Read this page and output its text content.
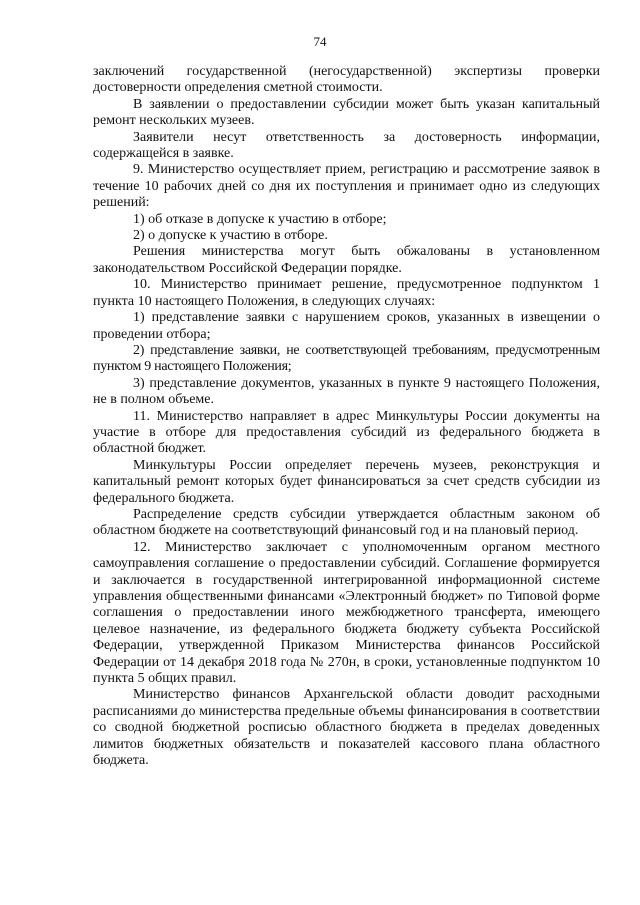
74

заключений государственной (негосударственной) экспертизы проверки достоверности определения сметной стоимости.

В заявлении о предоставлении субсидии может быть указан капитальный ремонт нескольких музеев.

Заявители несут ответственность за достоверность информации, содержащейся в заявке.

9. Министерство осуществляет прием, регистрацию и рассмотрение заявок в течение 10 рабочих дней со дня их поступления и принимает одно из следующих решений:

1) об отказе в допуске к участию в отборе;

2) о допуске к участию в отборе.

Решения министерства могут быть обжалованы в установленном законодательством Российской Федерации порядке.

10. Министерство принимает решение, предусмотренное подпунктом 1 пункта 10 настоящего Положения, в следующих случаях:

1) представление заявки с нарушением сроков, указанных в извещении о проведении отбора;

2) представление заявки, не соответствующей требованиям, предусмотренным пунктом 9 настоящего Положения;

3) представление документов, указанных в пункте 9 настоящего Положения, не в полном объеме.

11. Министерство направляет в адрес Минкультуры России документы на участие в отборе для предоставления субсидий из федерального бюджета в областной бюджет.

Минкультуры России определяет перечень музеев, реконструкция и капитальный ремонт которых будет финансироваться за счет средств субсидии из федерального бюджета.

Распределение средств субсидии утверждается областным законом об областном бюджете на соответствующий финансовый год и на плановый период.

12. Министерство заключает с уполномоченным органом местного самоуправления соглашение о предоставлении субсидий. Соглашение формируется и заключается в государственной интегрированной информационной системе управления общественными финансами «Электронный бюджет» по Типовой форме соглашения о предоставлении иного межбюджетного трансферта, имеющего целевое назначение, из федерального бюджета бюджету субъекта Российской Федерации, утвержденной Приказом Министерства финансов Российской Федерации от 14 декабря 2018 года № 270н, в сроки, установленные подпунктом 10 пункта 5 общих правил.

Министерство финансов Архангельской области доводит расходными расписаниями до министерства предельные объемы финансирования в соответствии со сводной бюджетной росписью областного бюджета в пределах доведенных лимитов бюджетных обязательств и показателей кассового плана областного бюджета.
